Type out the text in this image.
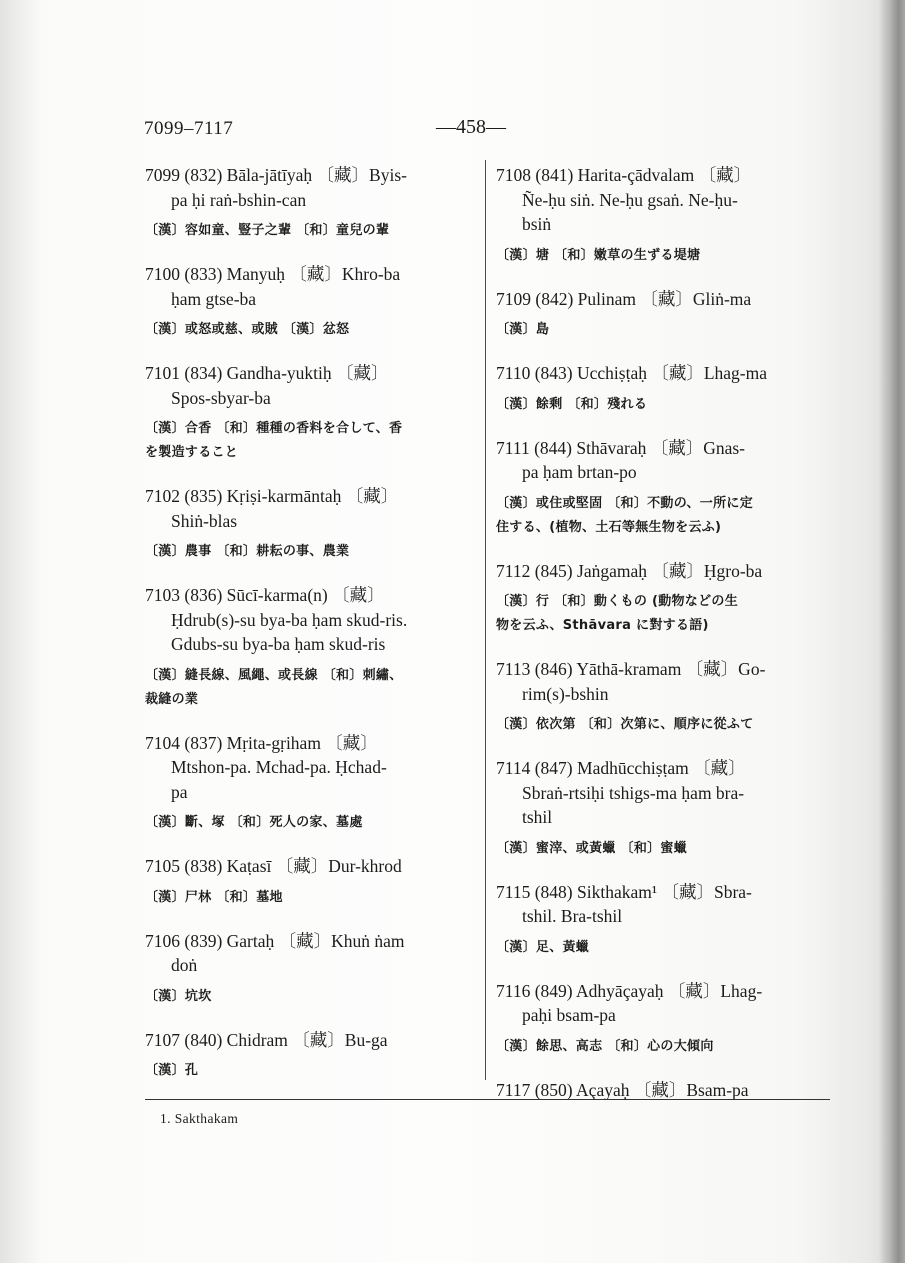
7099–7117	—458—
7099 (832) Bāla-jātīyaḥ 〔藏〕Byis-
pa ḥi raṅ-bshin-can
〔漢〕容如童、豎子之輩 〔和〕童兒の輩
7100 (833) Manyuḥ 〔藏〕Khro-ba
ḥam gtse-ba
〔漢〕或怒或慈、或賊 〔漢〕忿怒
7101 (834) Gandha-yuktiḥ 〔藏〕
Spos-sbyar-ba
〔漢〕合香 〔和〕種種の香料を合して、香
を製造すること
7102 (835) Kṛiṣi-karmāntaḥ 〔藏〕
Shiṅ-blas
〔漢〕農事 〔和〕耕耘の事、農業
7103 (836) Sūcī-karma(n) 〔藏〕
Ḥdrub(s)-su bya-ba ḥam skud-ris.
Gdubs-su bya-ba ḥam skud-ris
〔漢〕縫長線、風繩、或長線 〔和〕刺繡、
裁縫の業
7104 (837) Mṛita-gṛiham 〔藏〕
Mtshon-pa. Mchad-pa. Ḥchad-
pa
〔漢〕斷、塚 〔和〕死人の家、墓處
7105 (838) Kaṭasī 〔藏〕Dur-khrod
〔漢〕尸林 〔和〕墓地
7106 (839) Gartaḥ 〔藏〕Khuṅ ṅam
doṅ
〔漢〕坑坎
7107 (840) Chidram 〔藏〕Bu-ga
〔漢〕孔
7108 (841) Harita-çādvalam 〔藏〕
Ñe-ḥu siṅ. Ne-ḥu gsaṅ. Ne-ḥu-
bsiṅ
〔漢〕塘 〔和〕嫩草の生ずる堤塘
7109 (842) Pulinam 〔藏〕Gliṅ-ma
〔漢〕島
7110 (843) Ucchiṣṭaḥ 〔藏〕Lhag-ma
〔漢〕餘剩 〔和〕殘れる
7111 (844) Sthāvaraḥ 〔藏〕Gnas-
pa ḥam brtan-po
〔漢〕或住或堅固 〔和〕不動の、一所に定
住する、(植物、土石等無生物を云ふ)
7112 (845) Jaṅgamaḥ 〔藏〕Ḥgro-ba
〔漢〕行 〔和〕動くもの (動物などの生
物を云ふ、Sthāvara に對する語)
7113 (846) Yāthā-kramam 〔藏〕Go-
rim(s)-bshin
〔漢〕依次第 〔和〕次第に、順序に從ふて
7114 (847) Madhūcchiṣṭam 〔藏〕
Sbraṅ-rtsiḥi tshigs-ma ḥam bra-
tshil
〔漢〕蜜滓、或黃蠟 〔和〕蜜蠟
7115 (848) Sikthakam¹ 〔藏〕Sbra-
tshil. Bra-tshil
〔漢〕足、黃蠟
7116 (849) Adhyāçayaḥ 〔藏〕Lhag-
paḥi bsam-pa
〔漢〕餘思、高志 〔和〕心の大傾向
7117 (850) Açayaḥ 〔藏〕Bsam-pa
1. Sakthakam
